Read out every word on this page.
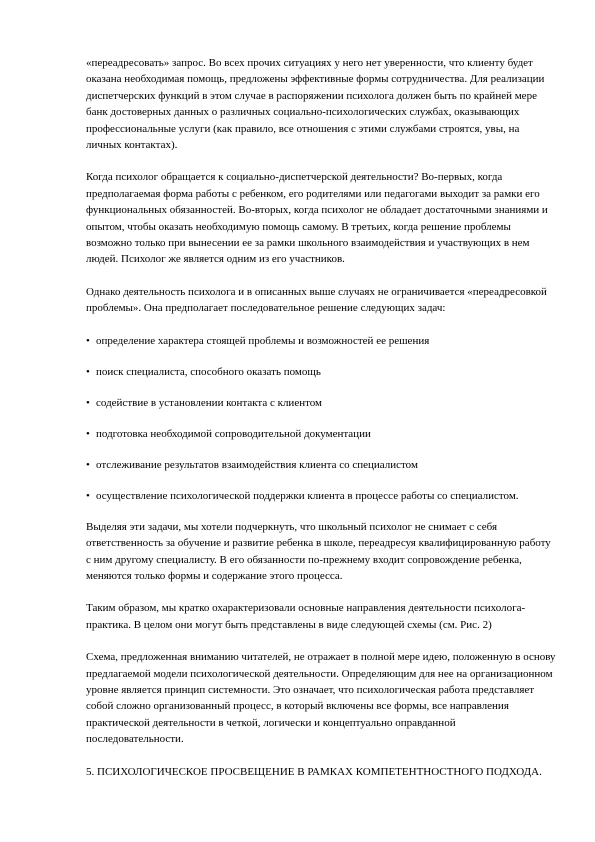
«переадресовать» запрос. Во всех прочих ситуациях у него нет уверенности, что клиенту будет оказана необходимая помощь, предложены эффективные формы сотрудничества. Для реализации диспетчерских функций в этом случае в распоряжении психолога должен быть по крайней мере банк достоверных данных о различных социально-психологических службах, оказывающих профессиональные услуги (как правило, все отношения с этими службами строятся, увы, на личных контактах).

Когда психолог обращается к социально-диспетчерской деятельности? Во-первых, когда предполагаемая форма работы с ребенком, его родителями или педагогами выходит за рамки его функциональных обязанностей. Во-вторых, когда психолог не обладает достаточными знаниями и опытом, чтобы оказать необходимую помощь самому. В третьих, когда решение проблемы возможно только при вынесении ее за рамки школьного взаимодействия и участвующих в нем людей. Психолог же является одним из его участников.

Однако деятельность психолога и в описанных выше случаях не ограничивается «переадресовкой проблемы». Она предполагает последовательное решение следующих задач:

• определение характера стоящей проблемы и возможностей ее решения
• поиск специалиста, способного оказать помощь
• содействие в установлении контакта с клиентом
• подготовка необходимой сопроводительной документации
• отслеживание результатов взаимодействия клиента со специалистом
• осуществление психологической поддержки клиента в процессе работы со специалистом.

Выделяя эти задачи, мы хотели подчеркнуть, что школьный психолог не снимает с себя ответственность за обучение и развитие ребенка в школе, переадресуя квалифицированную работу с ним другому специалисту. В его обязанности по-прежнему входит сопровождение ребенка, меняются только формы и содержание этого процесса.

Таким образом, мы кратко охарактеризовали основные направления деятельности психолога-практика. В целом они могут быть представлены в виде следующей схемы (см. Рис. 2)

Схема, предложенная вниманию читателей, не отражает в полной мере идею, положенную в основу предлагаемой модели психологической деятельности. Определяющим для нее на организационном уровне является принцип системности. Это означает, что психологическая работа представляет собой сложно организованный процесс, в который включены все формы, все направления практической деятельности в четкой, логически и концептуально оправданной последовательности.

5. ПСИХОЛОГИЧЕСКОЕ ПРОСВЕЩЕНИЕ В РАМКАХ КОМПЕТЕНТНОСТНОГО ПОДХОДА.
